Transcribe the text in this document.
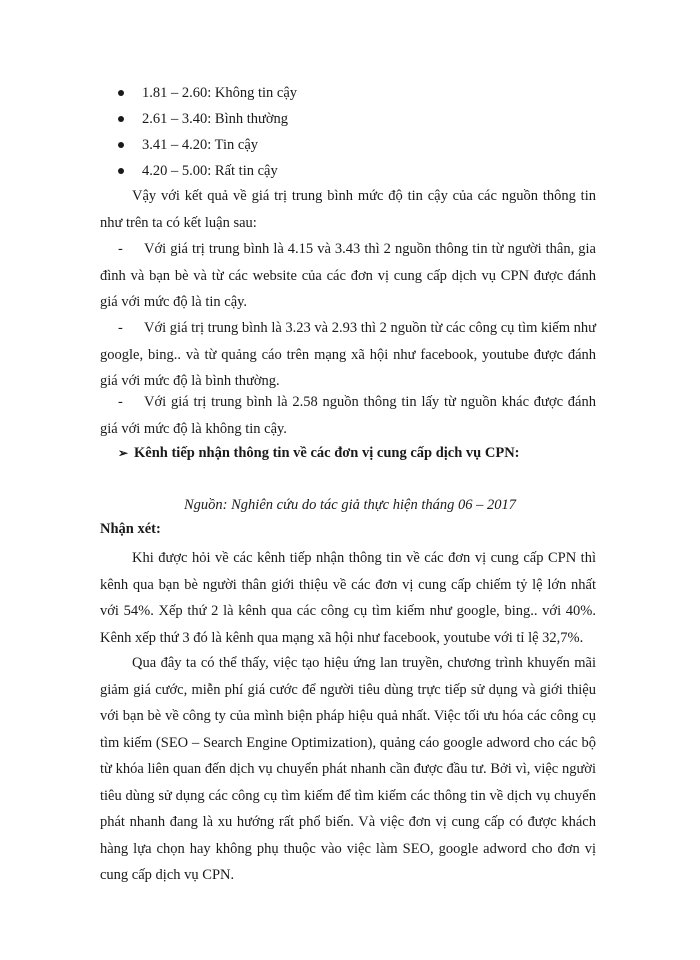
1.81 – 2.60: Không tin cậy
2.61 – 3.40: Bình thường
3.41 – 4.20: Tin cậy
4.20 – 5.00: Rất tin cậy

Vậy với kết quả về giá trị trung bình mức độ tin cậy của các nguồn thông tin như trên ta có kết luận sau:

- Với giá trị trung bình là 4.15 và 3.43 thì 2 nguồn thông tin từ người thân, gia đình và bạn bè và từ các website của các đơn vị cung cấp dịch vụ CPN được đánh giá với mức độ là tin cậy.
- Với giá trị trung bình là 3.23 và 2.93 thì 2 nguồn từ các công cụ tìm kiếm như google, bing.. và từ quảng cáo trên mạng xã hội như facebook, youtube được đánh giá với mức độ là bình thường.
- Với giá trị trung bình là 2.58 nguồn thông tin lấy từ nguồn khác được đánh giá với mức độ là không tin cậy.
➢ Kênh tiếp nhận thông tin về các đơn vị cung cấp dịch vụ CPN:
Nguồn: Nghiên cứu do tác giả thực hiện tháng 06 – 2017
Nhận xét:

Khi được hỏi về các kênh tiếp nhận thông tin về các đơn vị cung cấp CPN thì kênh qua bạn bè người thân giới thiệu về các đơn vị cung cấp chiếm tỷ lệ lớn nhất với 54%. Xếp thứ 2 là kênh qua các công cụ tìm kiếm như google, bing.. với 40%. Kênh xếp thứ 3 đó là kênh qua mạng xã hội như facebook, youtube với tỉ lệ 32,7%.

Qua đây ta có thể thấy, việc tạo hiệu ứng lan truyền, chương trình khuyến mãi giảm giá cước, miễn phí giá cước để người tiêu dùng trực tiếp sử dụng và giới thiệu với bạn bè về công ty của mình biện pháp hiệu quả nhất. Việc tối ưu hóa các công cụ tìm kiếm (SEO – Search Engine Optimization), quảng cáo google adword cho các bộ từ khóa liên quan đến dịch vụ chuyển phát nhanh cần được đầu tư. Bởi vì, việc người tiêu dùng sử dụng các công cụ tìm kiếm để tìm kiếm các thông tin về dịch vụ chuyển phát nhanh đang là xu hướng rất phổ biến. Và việc đơn vị cung cấp có được khách hàng lựa chọn hay không phụ thuộc vào việc làm SEO, google adword cho đơn vị cung cấp dịch vụ CPN.
